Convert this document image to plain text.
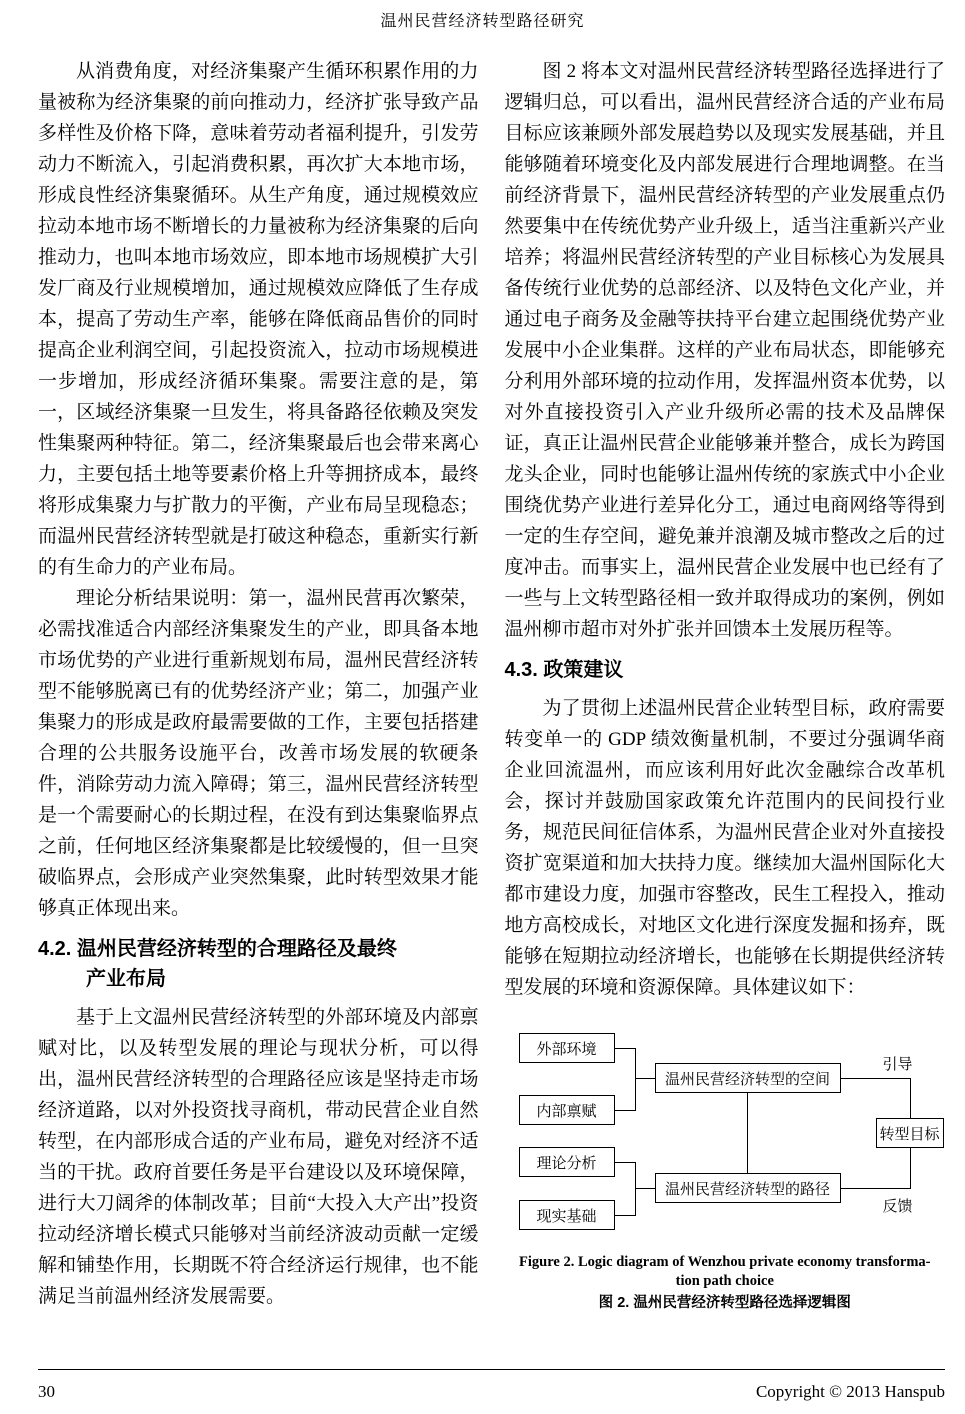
温州民营经济转型路径研究

从消费角度，对经济集聚产生循环积累作用的力量被称为经济集聚的前向推动力，经济扩张导致产品多样性及价格下降，意味着劳动者福利提升，引发劳动力不断流入，引起消费积累，再次扩大本地市场，形成良性经济集聚循环。从生产角度，通过规模效应拉动本地市场不断增长的力量被称为经济集聚的后向推动力，也叫本地市场效应，即本地市场规模扩大引发厂商及行业规模增加，通过规模效应降低了生存成本，提高了劳动生产率，能够在降低商品售价的同时提高企业利润空间，引起投资流入，拉动市场规模进一步增加，形成经济循环集聚。需要注意的是，第一，区域经济集聚一旦发生，将具备路径依赖及突发性集聚两种特征。第二，经济集聚最后也会带来离心力，主要包括土地等要素价格上升等拥挤成本，最终将形成集聚力与扩散力的平衡，产业布局呈现稳态；而温州民营经济转型就是打破这种稳态，重新实行新的有生命力的产业布局。

理论分析结果说明：第一，温州民营再次繁荣，必需找准适合内部经济集聚发生的产业，即具备本地市场优势的产业进行重新规划布局，温州民营经济转型不能够脱离已有的优势经济产业；第二，加强产业集聚力的形成是政府最需要做的工作，主要包括搭建合理的公共服务设施平台，改善市场发展的软硬条件，消除劳动力流入障碍；第三，温州民营经济转型是一个需要耐心的长期过程，在没有到达集聚临界点之前，任何地区经济集聚都是比较缓慢的，但一旦突破临界点，会形成产业突然集聚，此时转型效果才能够真正体现出来。

4.2. 温州民营经济转型的合理路径及最终
产业布局

基于上文温州民营经济转型的外部环境及内部禀赋对比，以及转型发展的理论与现状分析，可以得出，温州民营经济转型的合理路径应该是坚持走市场经济道路，以对外投资找寻商机，带动民营企业自然转型，在内部形成合适的产业布局，避免对经济不适当的干扰。政府首要任务是平台建设以及环境保障，进行大刀阔斧的体制改革；目前“大投入大产出”投资拉动经济增长模式只能够对当前经济波动贡献一定缓解和铺垫作用，长期既不符合经济运行规律，也不能满足当前温州经济发展需要。

图 2 将本文对温州民营经济转型路径选择进行了逻辑归总，可以看出，温州民营经济合适的产业布局目标应该兼顾外部发展趋势以及现实发展基础，并且能够随着环境变化及内部发展进行合理地调整。在当前经济背景下，温州民营经济转型的产业发展重点仍然要集中在传统优势产业升级上，适当注重新兴产业培养；将温州民营经济转型的产业目标核心为发展具备传统行业优势的总部经济、以及特色文化产业，并通过电子商务及金融等扶持平台建立起围绕优势产业发展中小企业集群。这样的产业布局状态，即能够充分利用外部环境的拉动作用，发挥温州资本优势，以对外直接投资引入产业升级所必需的技术及品牌保证，真正让温州民营企业能够兼并整合，成长为跨国龙头企业，同时也能够让温州传统的家族式中小企业围绕优势产业进行差异化分工，通过电商网络等得到一定的生存空间，避免兼并浪潮及城市整改之后的过度冲击。而事实上，温州民营企业发展中也已经有了一些与上文转型路径相一致并取得成功的案例，例如温州柳市超市对外扩张并回馈本土发展历程等。

4.3. 政策建议

为了贯彻上述温州民营企业转型目标，政府需要转变单一的 GDP 绩效衡量机制，不要过分强调华商企业回流温州，而应该利用好此次金融综合改革机会，探讨并鼓励国家政策允许范围内的民间投行业务，规范民间征信体系，为温州民营企业对外直接投资扩宽渠道和加大扶持力度。继续加大温州国际化大都市建设力度，加强市容整改，民生工程投入，推动地方高校成长，对地区文化进行深度发掘和扬弃，既能够在短期拉动经济增长，也能够在长期提供经济转型发展的环境和资源保障。具体建议如下：

外部环境
内部禀赋
理论分析
现实基础
温州民营经济转型的空间
温州民营经济转型的路径
转型目标
引导
反馈
Figure 2. Logic diagram of Wenzhou private economy transforma-
tion path choice
图 2. 温州民营经济转型路径选择逻辑图
30	Copyright © 2013 Hanspub
